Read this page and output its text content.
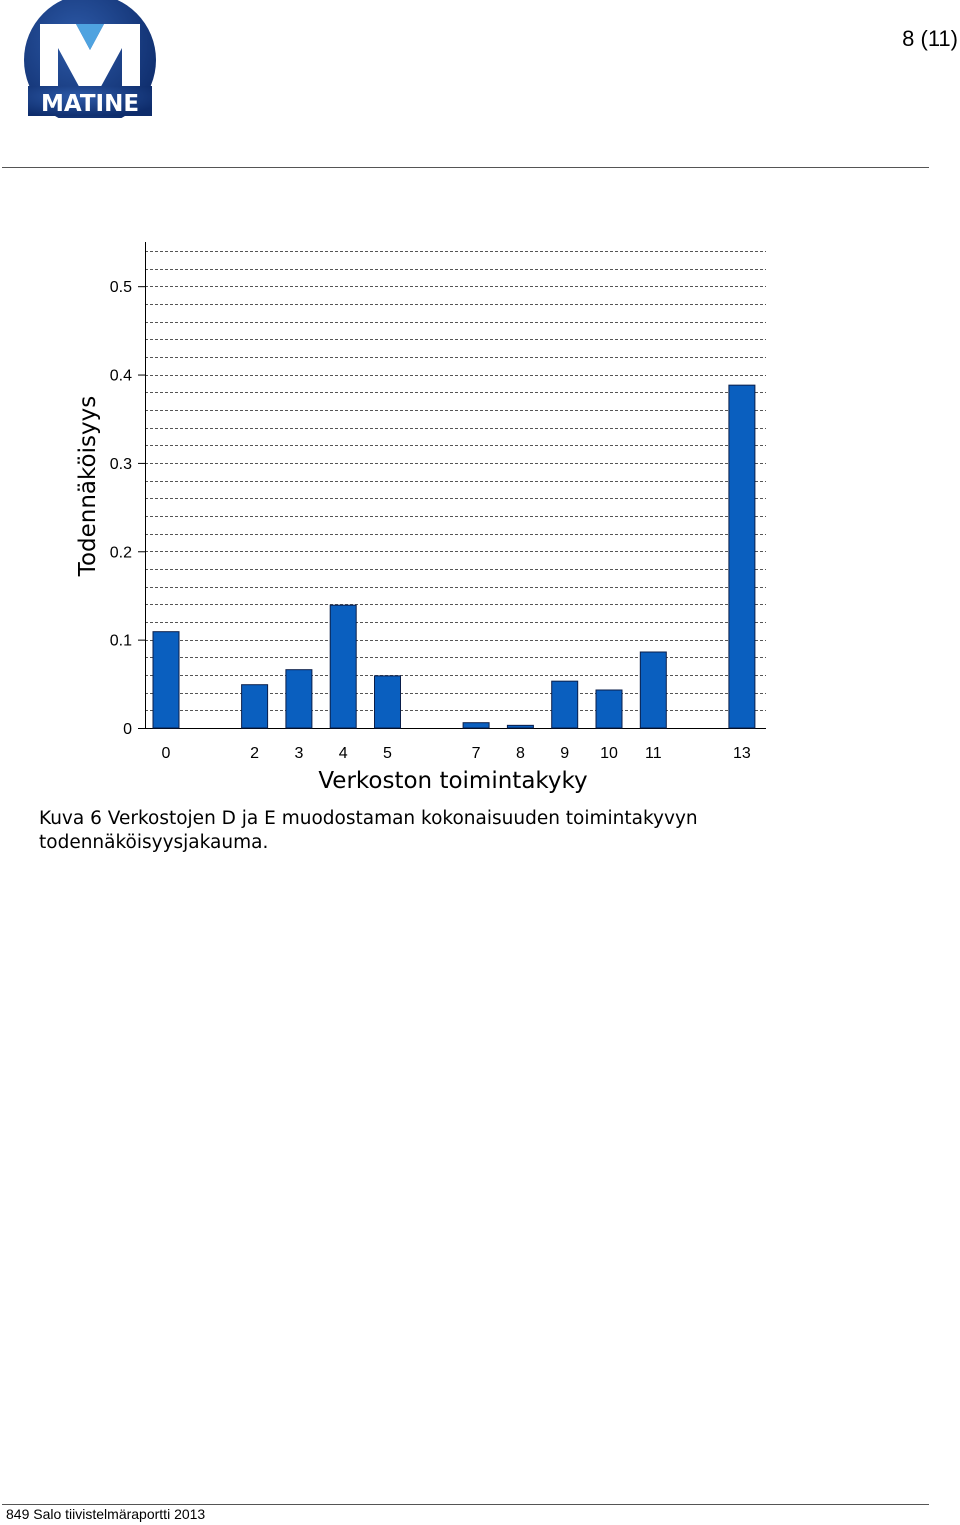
MATINE
8 (11)
0
0.1
0.2
0.3
0.4
0.5
0	2 3 4 5	7 8 9 10 11	13
Verkoston toimintakyky
Todennäköisyys
Kuva 6 Verkostojen D ja E muodostaman kokonaisuuden toimintakyvyn
todennäköisyysjakauma.
849 Salo tiivistelmäraportti 2013
